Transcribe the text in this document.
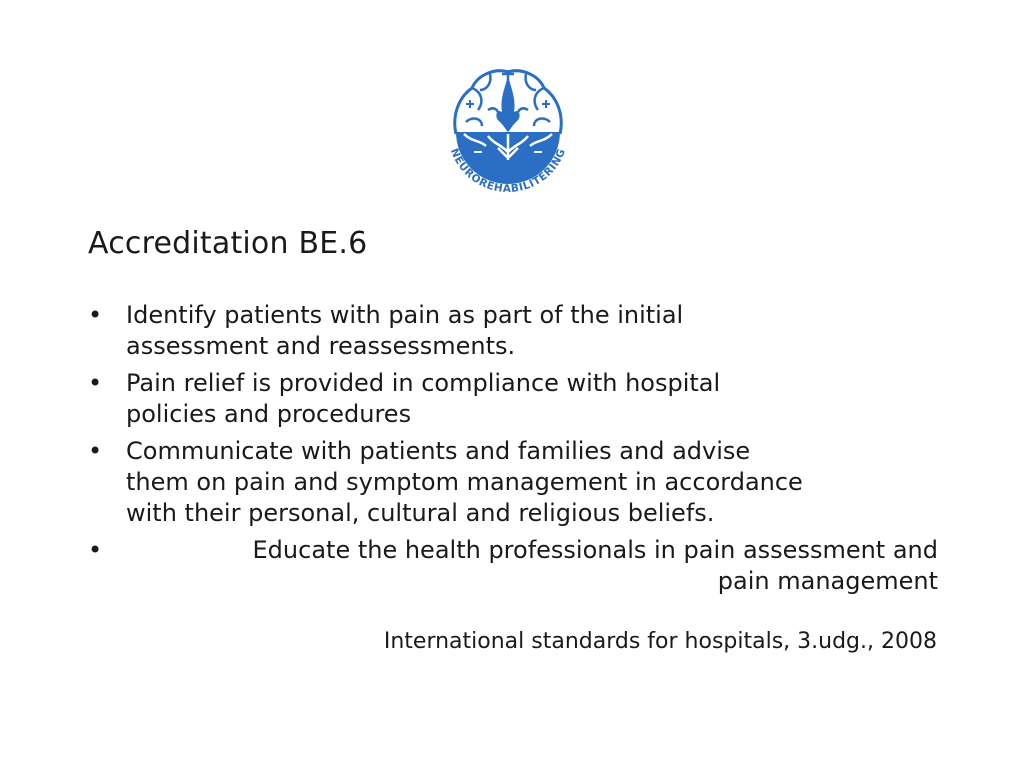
NEUROREHABILITERING
Accreditation BE.6
• Identify patients with pain as part of the initial
assessment and reassessments.
• Pain relief is provided in compliance with hospital
policies and procedures
• Communicate with patients and families and advise
them on pain and symptom management in accordance
with their personal, cultural and religious beliefs.
• Educate the health professionals in pain assessment and
pain management

International standards for hospitals, 3.udg., 2008
